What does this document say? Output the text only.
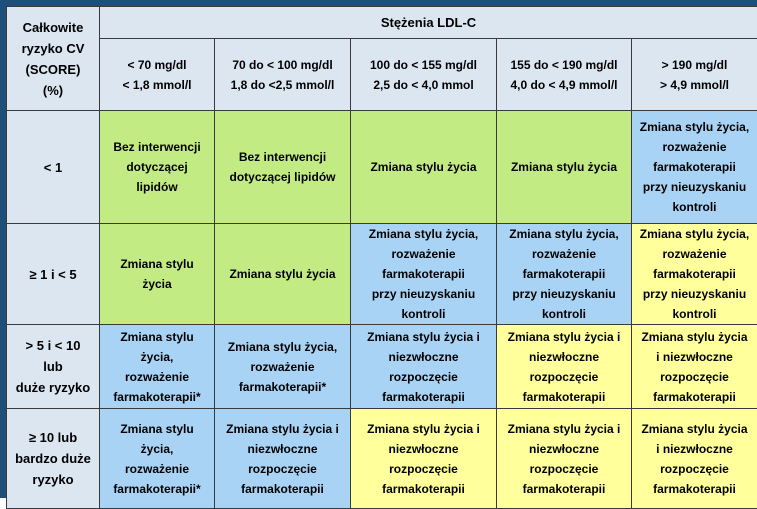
Całkowite
ryzyko CV
(SCORE)
(%)	Stężenia LDL-C				

	< 70 mg/dl
< 1,8 mmol/l	70 do < 100 mg/dl
1,8 do <2,5 mmol/l	100 do < 155 mg/dl
2,5 do < 4,0 mmol	155 do < 190 mg/dl
4,0 do < 4,9 mmol/l	> 190 mg/dl
> 4,9 mmol/l

< 1	Bez interwencji
dotyczącej
lipidów	Bez interwencji
dotyczącej lipidów	Zmiana stylu życia	Zmiana stylu życia	Zmiana stylu życia,
rozważenie
farmakoterapii
przy nieuzyskaniu
kontroli

≥ 1 i < 5	Zmiana stylu
życia	Zmiana stylu życia	Zmiana stylu życia,
rozważenie
farmakoterapii
przy nieuzyskaniu
kontroli	Zmiana stylu życia,
rozważenie
farmakoterapii
przy nieuzyskaniu
kontroli	Zmiana stylu życia,
rozważenie
farmakoterapii
przy nieuzyskaniu
kontroli

> 5 i < 10
lub
duże ryzyko	Zmiana stylu
życia,
rozważenie
farmakoterapii*	Zmiana stylu życia,
rozważenie
farmakoterapii*	Zmiana stylu życia i
niezwłoczne
rozpoczęcie
farmakoterapii	Zmiana stylu życia i
niezwłoczne
rozpoczęcie
farmakoterapii	Zmiana stylu życia
i niezwłoczne
rozpoczęcie
farmakoterapii

≥ 10 lub
bardzo duże
ryzyko	Zmiana stylu
życia,
rozważenie
farmakoterapii*	Zmiana stylu życia i
niezwłoczne
rozpoczęcie
farmakoterapii	Zmiana stylu życia i
niezwłoczne
rozpoczęcie
farmakoterapii	Zmiana stylu życia i
niezwłoczne
rozpoczęcie
farmakoterapii	Zmiana stylu życia
i niezwłoczne
rozpoczęcie
farmakoterapii
